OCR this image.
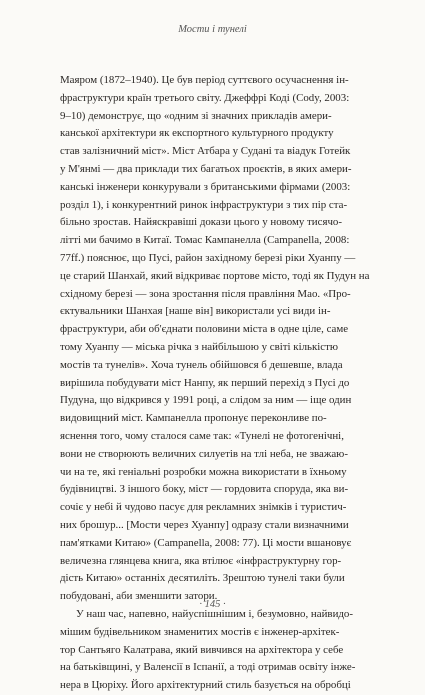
Мости і тунелі
Маяром (1872–1940). Це був період суттєвого осучаснення ін-
фраструктури країн третього світу. Джеффрі Коді (Cody, 2003:
9–10) демонструє, що «одним зі значних прикладів амери-
канської архітектури як експортного культурного продукту
став залізничний міст». Міст Атбара у Судані та віадук Готейк
у М'янмі — два приклади тих багатьох проєктів, в яких амери-
канські інженери конкурували з британськими фірмами (2003:
розділ 1), і конкурентний ринок інфраструктури з тих пір ста-
більно зростав. Найяскравіші докази цього у новому тисячо-
літті ми бачимо в Китаї. Томас Кампанелла (Campanella, 2008:
77ff.) пояснює, що Пусі, район західному березі ріки Хуанпу —
це старий Шанхай, який відкриває портове місто, тоді як Пудун на
східному березі — зона зростання після правління Мао. «Про-
єктувальники Шанхая [наше він] використали усі види ін-
фраструктури, аби об'єднати половини міста в одне ціле, саме
тому Хуанпу — міська річка з найбільшою у світі кількістю
мостів та тунелів». Хоча тунель обійшовся б дешевше, влада
вирішила побудувати міст Нанпу, як перший перехід з Пусі до
Пудуна, що відкрився у 1991 році, а слідом за ним — іще один
видовищний міст. Кампанелла пропонує переконливе по-
яснення того, чому сталося саме так: «Тунелі не фотогенічні,
вони не створюють величних силуетів на тлі неба, не зважаю-
чи на те, які геніальні розробки можна використати в їхньому
будівництві. З іншого боку, міст — гордовита споруда, яка ви-
сочіє у небі й чудово пасує для рекламних знімків і туристич-
них брошур... [Мости через Хуанпу] одразу стали визначними
пам'ятками Китаю» (Campanella, 2008: 77). Ці мости вшановує
величезна глянцева книга, яка втілює «інфраструктурну гор-
дість Китаю» останніх десятиліть. Зрештою тунелі таки були
побудовані, аби зменшити затори.
У наш час, напевно, найуспішнішим і, безумовно, найвидо-
мішим будівельником знаменитих мостів є інженер-архітек-
тор Сантьяго Калатрава, який вивчився на архітектора у себе
на батьківщині, у Валенсії в Іспанії, а тоді отримав освіту інже-
нера в Цюріху. Його архітектурний стиль базується на обробці
· 145 ·
